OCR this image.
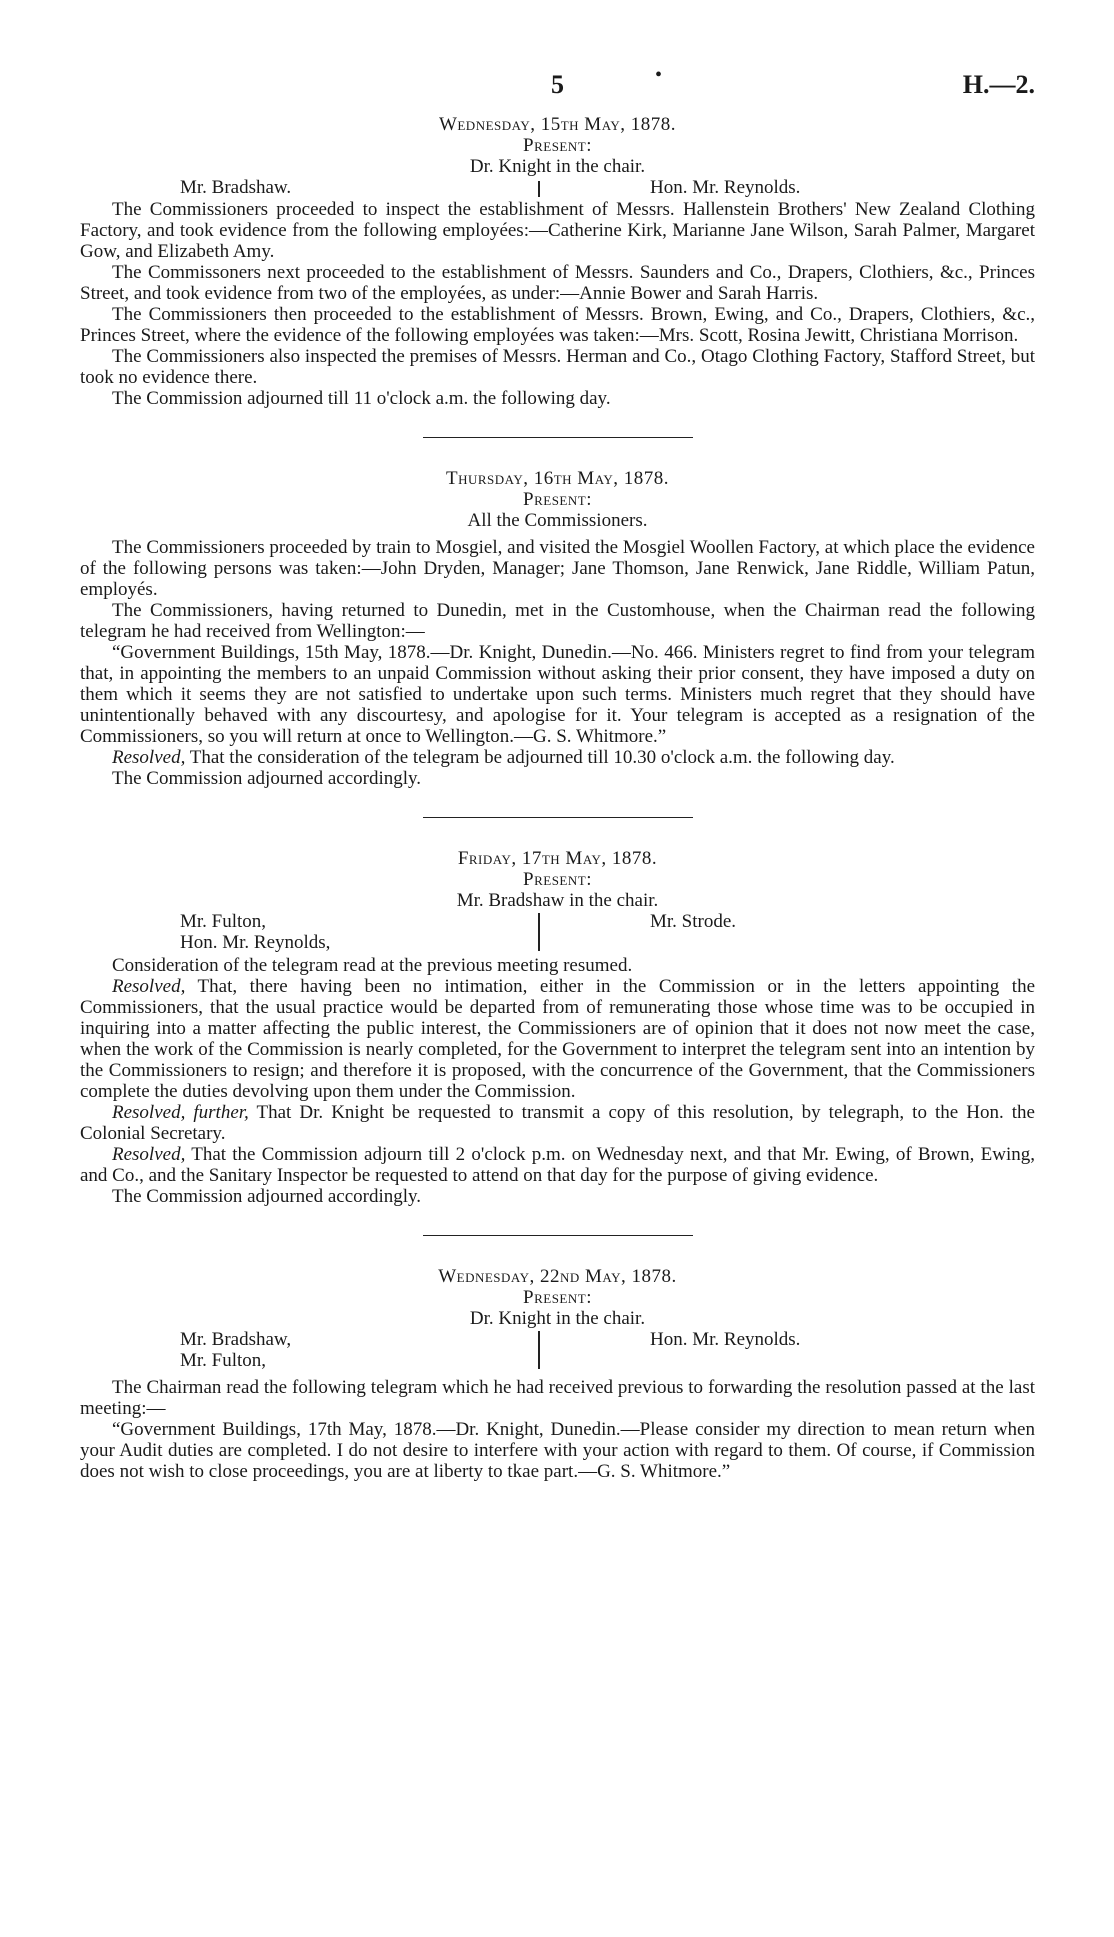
5	•	H.—2.
Wednesday, 15th May, 1878.
Present:
Dr. Knight in the chair.
Mr. Bradshaw.	Hon. Mr. Reynolds.

The Commissioners proceeded to inspect the establishment of Messrs. Hallenstein Brothers' New Zealand Clothing Factory, and took evidence from the following employées:—Catherine Kirk, Marianne Jane Wilson, Sarah Palmer, Margaret Gow, and Elizabeth Amy.

The Commissoners next proceeded to the establishment of Messrs. Saunders and Co., Drapers, Clothiers, &c., Princes Street, and took evidence from two of the employées, as under:—Annie Bower and Sarah Harris.

The Commissioners then proceeded to the establishment of Messrs. Brown, Ewing, and Co., Drapers, Clothiers, &c., Princes Street, where the evidence of the following employées was taken:—Mrs. Scott, Rosina Jewitt, Christiana Morrison.

The Commissioners also inspected the premises of Messrs. Herman and Co., Otago Clothing Factory, Stafford Street, but took no evidence there.

The Commission adjourned till 11 o'clock a.m. the following day.

Thursday, 16th May, 1878.
Present:
All the Commissioners.

The Commissioners proceeded by train to Mosgiel, and visited the Mosgiel Woollen Factory, at which place the evidence of the following persons was taken:—John Dryden, Manager; Jane Thomson, Jane Renwick, Jane Riddle, William Patun, employés.

The Commissioners, having returned to Dunedin, met in the Customhouse, when the Chairman read the following telegram he had received from Wellington:—

“Government Buildings, 15th May, 1878.—Dr. Knight, Dunedin.—No. 466. Ministers regret to find from your telegram that, in appointing the members to an unpaid Commission without asking their prior consent, they have imposed a duty on them which it seems they are not satisfied to undertake upon such terms. Ministers much regret that they should have unintentionally behaved with any discourtesy, and apologise for it. Your telegram is accepted as a resignation of the Commissioners, so you will return at once to Wellington.—G. S. Whitmore.”

Resolved, That the consideration of the telegram be adjourned till 10.30 o'clock a.m. the following day.

The Commission adjourned accordingly.

Friday, 17th May, 1878.
Present:
Mr. Bradshaw in the chair.
Mr. Fulton,
Hon. Mr. Reynolds,
Mr. Strode.

Consideration of the telegram read at the previous meeting resumed.

Resolved, That, there having been no intimation, either in the Commission or in the letters appointing the Commissioners, that the usual practice would be departed from of remunerating those whose time was to be occupied in inquiring into a matter affecting the public interest, the Commissioners are of opinion that it does not now meet the case, when the work of the Commission is nearly completed, for the Government to interpret the telegram sent into an intention by the Commissioners to resign; and therefore it is proposed, with the concurrence of the Government, that the Commissioners complete the duties devolving upon them under the Commission.

Resolved, further, That Dr. Knight be requested to transmit a copy of this resolution, by telegraph, to the Hon. the Colonial Secretary.

Resolved, That the Commission adjourn till 2 o'clock p.m. on Wednesday next, and that Mr. Ewing, of Brown, Ewing, and Co., and the Sanitary Inspector be requested to attend on that day for the purpose of giving evidence.

The Commission adjourned accordingly.

Wednesday, 22nd May, 1878.
Present:
Dr. Knight in the chair.
Mr. Bradshaw,
Mr. Fulton,
Hon. Mr. Reynolds.

The Chairman read the following telegram which he had received previous to forwarding the resolution passed at the last meeting:—

“Government Buildings, 17th May, 1878.—Dr. Knight, Dunedin.—Please consider my direction to mean return when your Audit duties are completed. I do not desire to interfere with your action with regard to them. Of course, if Commission does not wish to close proceedings, you are at liberty to tkae part.—G. S. Whitmore.”
